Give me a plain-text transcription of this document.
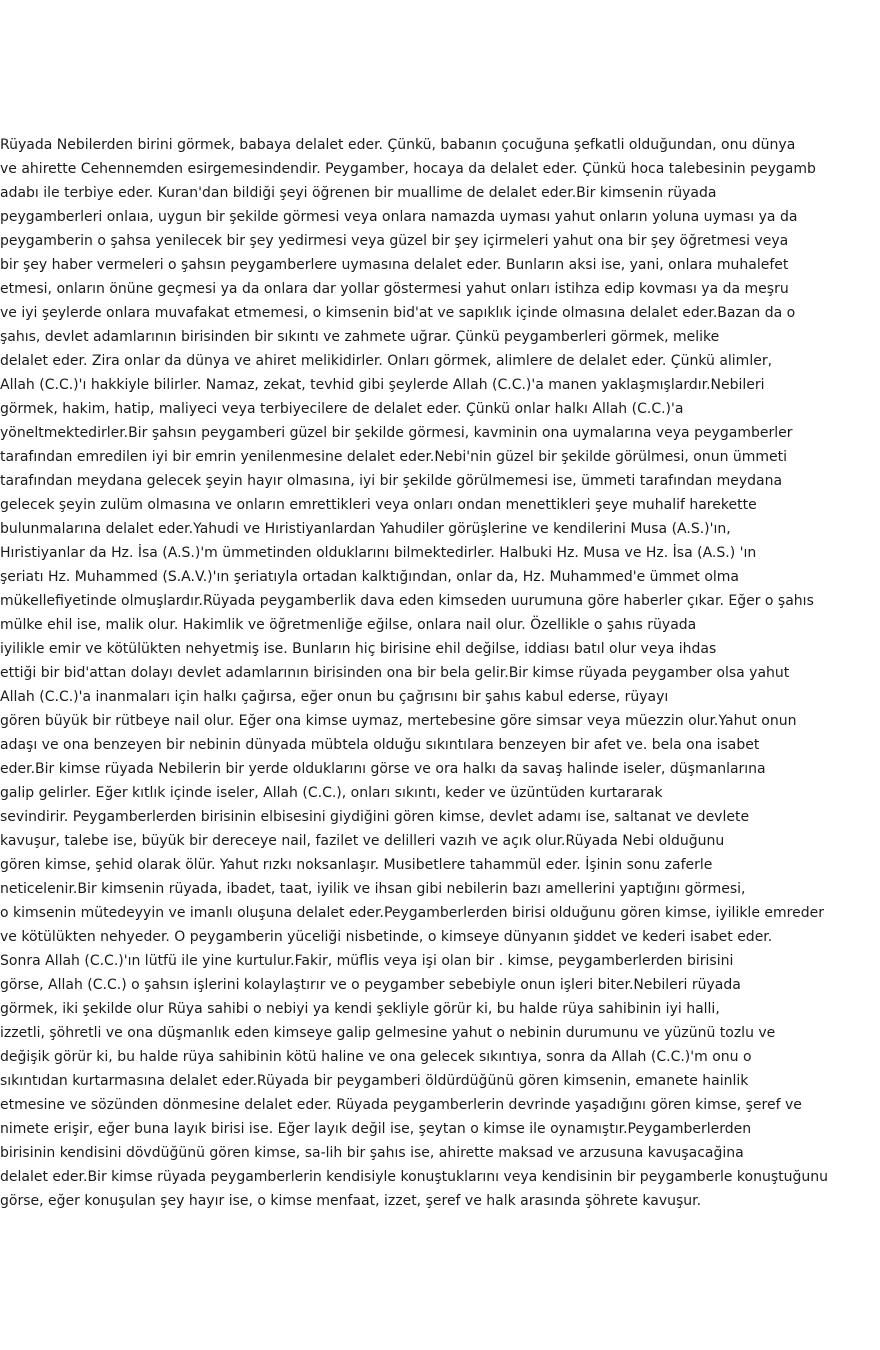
Rüyada Nebilerden birini görmek, babaya delalet eder. Çünkü, babanın çocuğuna şefkatli olduğundan, onu dünya
ve ahirette Cehennemden esirgemesindendir. Peygamber, hocaya da delalet eder. Çünkü hoca talebesinin peygamb
adabı ile terbiye eder. Kuran'dan bildiği şeyi öğrenen bir muallime de delalet eder.Bir kimsenin rüyada
peygamberleri onlaıa, uygun bir şekilde görmesi veya onlara namazda uyması yahut onların yoluna uyması ya da
peygamberin o şahsa yenilecek bir şey yedirmesi veya güzel bir şey içirmeleri yahut ona bir şey öğretmesi veya
bir şey haber vermeleri o şahsın peygamberlere uymasına delalet eder. Bunların aksi ise, yani, onlara muhalefet
etmesi, onların önüne geçmesi ya da onlara dar yollar göstermesi yahut onları istihza edip kovması ya da meşru
ve iyi şeylerde onlara muvafakat etmemesi, o kimsenin bid'at ve sapıklık içinde olmasına delalet eder.Bazan da o
şahıs, devlet adamlarının birisinden bir sıkıntı ve zahmete uğrar. Çünkü peygamberleri görmek, melike
delalet eder. Zira onlar da dünya ve ahiret melikidirler. Onları görmek, alimlere de delalet eder. Çünkü alimler,
Allah (C.C.)'ı hakkiyle bilirler. Namaz, zekat, tevhid gibi şeylerde Allah (C.C.)'a manen yaklaşmışlardır.Nebileri
görmek, hakim, hatip, maliyeci veya terbiyecilere de delalet eder. Çünkü onlar halkı Allah (C.C.)'a
yöneltmektedirler.Bir şahsın peygamberi güzel bir şekilde görmesi, kavminin ona uymalarına veya peygamberler
tarafından emredilen iyi bir emrin yenilenmesine delalet eder.Nebi'nin güzel bir şekilde görülmesi, onun ümmeti
tarafından meydana gelecek şeyin hayır olmasına, iyi bir şekilde görülmemesi ise, ümmeti tarafından meydana
gelecek şeyin zulüm olmasına ve onların emrettikleri veya onları ondan menettikleri şeye muhalif harekette
bulunmalarına delalet eder.Yahudi ve Hıristiyanlardan Yahudiler görüşlerine ve kendilerini Musa (A.S.)'ın,
Hıristiyanlar da Hz. İsa (A.S.)'m ümmetinden olduklarını bilmektedirler. Halbuki Hz. Musa ve Hz. İsa (A.S.) 'ın
şeriatı Hz. Muhammed (S.A.V.)'ın şeriatıyla ortadan kalktığından, onlar da, Hz. Muhammed'e ümmet olma
mükellefiyetinde olmuşlardır.Rüyada peygamberlik dava eden kimseden uurumuna göre haberler çıkar. Eğer o şahıs
mülke ehil ise, malik olur. Hakimlik ve öğretmenliğe eğilse, onlara nail olur. Özellikle o şahıs rüyada
iyilikle emir ve kötülükten nehyetmiş ise. Bunların hiç birisine ehil değilse, iddiası batıl olur veya ihdas
ettiği bir bid'attan dolayı devlet adamlarının birisinden ona bir bela gelir.Bir kimse rüyada peygamber olsa yahut
Allah (C.C.)'a inanmaları için halkı çağırsa, eğer onun bu çağrısını bir şahıs kabul ederse, rüyayı
gören büyük bir rütbeye nail olur. Eğer ona kimse uymaz, mertebesine göre simsar veya müezzin olur.Yahut onun
adaşı ve ona benzeyen bir nebinin dünyada mübtela olduğu sıkıntılara benzeyen bir afet ve. bela ona isabet
eder.Bir kimse rüyada Nebilerin bir yerde olduklarını görse ve ora halkı da savaş halinde iseler, düşmanlarına
galip gelirler. Eğer kıtlık içinde iseler, Allah (C.C.), onları sıkıntı, keder ve üzüntüden kurtararak
sevindirir. Peygamberlerden birisinin elbisesini giydiğini gören kimse, devlet adamı ise, saltanat ve devlete
kavuşur, talebe ise, büyük bir dereceye nail, fazilet ve delilleri vazıh ve açık olur.Rüyada Nebi olduğunu
gören kimse, şehid olarak ölür. Yahut rızkı noksanlaşır. Musibetlere tahammül eder. İşinin sonu zaferle
neticelenir.Bir kimsenin rüyada, ibadet, taat, iyilik ve ihsan gibi nebilerin bazı amellerini yaptığını görmesi,
o kimsenin mütedeyyin ve imanlı oluşuna delalet eder.Peygamberlerden birisi olduğunu gören kimse, iyilikle emreder
ve kötülükten nehyeder. O peygamberin yüceliği nisbetinde, o kimseye dünyanın şiddet ve kederi isabet eder.
Sonra Allah (C.C.)'ın lütfü ile yine kurtulur.Fakir, müflis veya işi olan bir . kimse, peygamberlerden birisini
görse, Allah (C.C.) o şahsın işlerini kolaylaştırır ve o peygamber sebebiyle onun işleri biter.Nebileri rüyada
görmek, iki şekilde olur Rüya sahibi o nebiyi ya kendi şekliyle görür ki, bu halde rüya sahibinin iyi halli,
izzetli, şöhretli ve ona düşmanlık eden kimseye galip gelmesine yahut o nebinin durumunu ve yüzünü tozlu ve
değişik görür ki, bu halde rüya sahibinin kötü haline ve ona gelecek sıkıntıya, sonra da Allah (C.C.)'m onu o
sıkıntıdan kurtarmasına delalet eder.Rüyada bir peygamberi öldürdüğünü gören kimsenin, emanete hainlik
etmesine ve sözünden dönmesine delalet eder. Rüyada peygamberlerin devrinde yaşadığını gören kimse, şeref ve
nimete erişir, eğer buna layık birisi ise. Eğer layık değil ise, şeytan o kimse ile oynamıştır.Peygamberlerden
birisinin kendisini dövdüğünü gören kimse, sa-lih bir şahıs ise, ahirette maksad ve arzusuna kavuşacağina
delalet eder.Bir kimse rüyada peygamberlerin kendisiyle konuştuklarını veya kendisinin bir peygamberle konuştuğunu
görse, eğer konuşulan şey hayır ise, o kimse menfaat, izzet, şeref ve halk arasında şöhrete kavuşur.
